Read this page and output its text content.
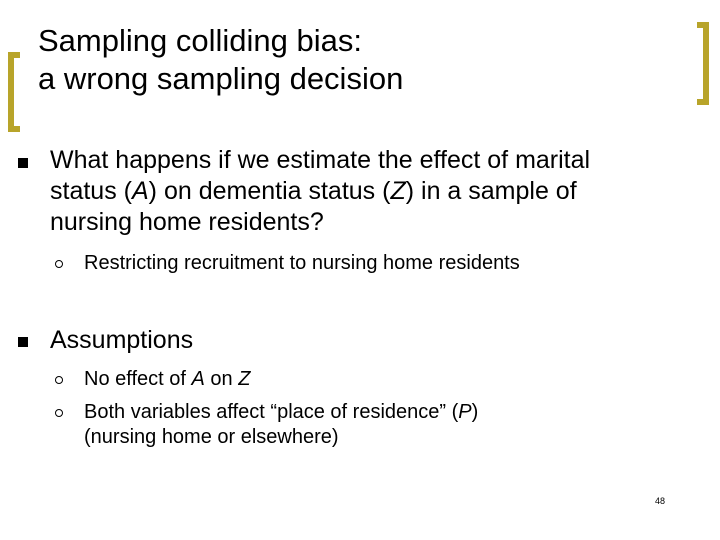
Sampling colliding bias:
a wrong sampling decision
What happens if we estimate the effect of marital
status (A) on dementia status (Z) in a sample of
nursing home residents?
Restricting recruitment to nursing home residents
Assumptions
No effect of A on Z
Both variables affect “place of residence” (P)
(nursing home or elsewhere)
48
